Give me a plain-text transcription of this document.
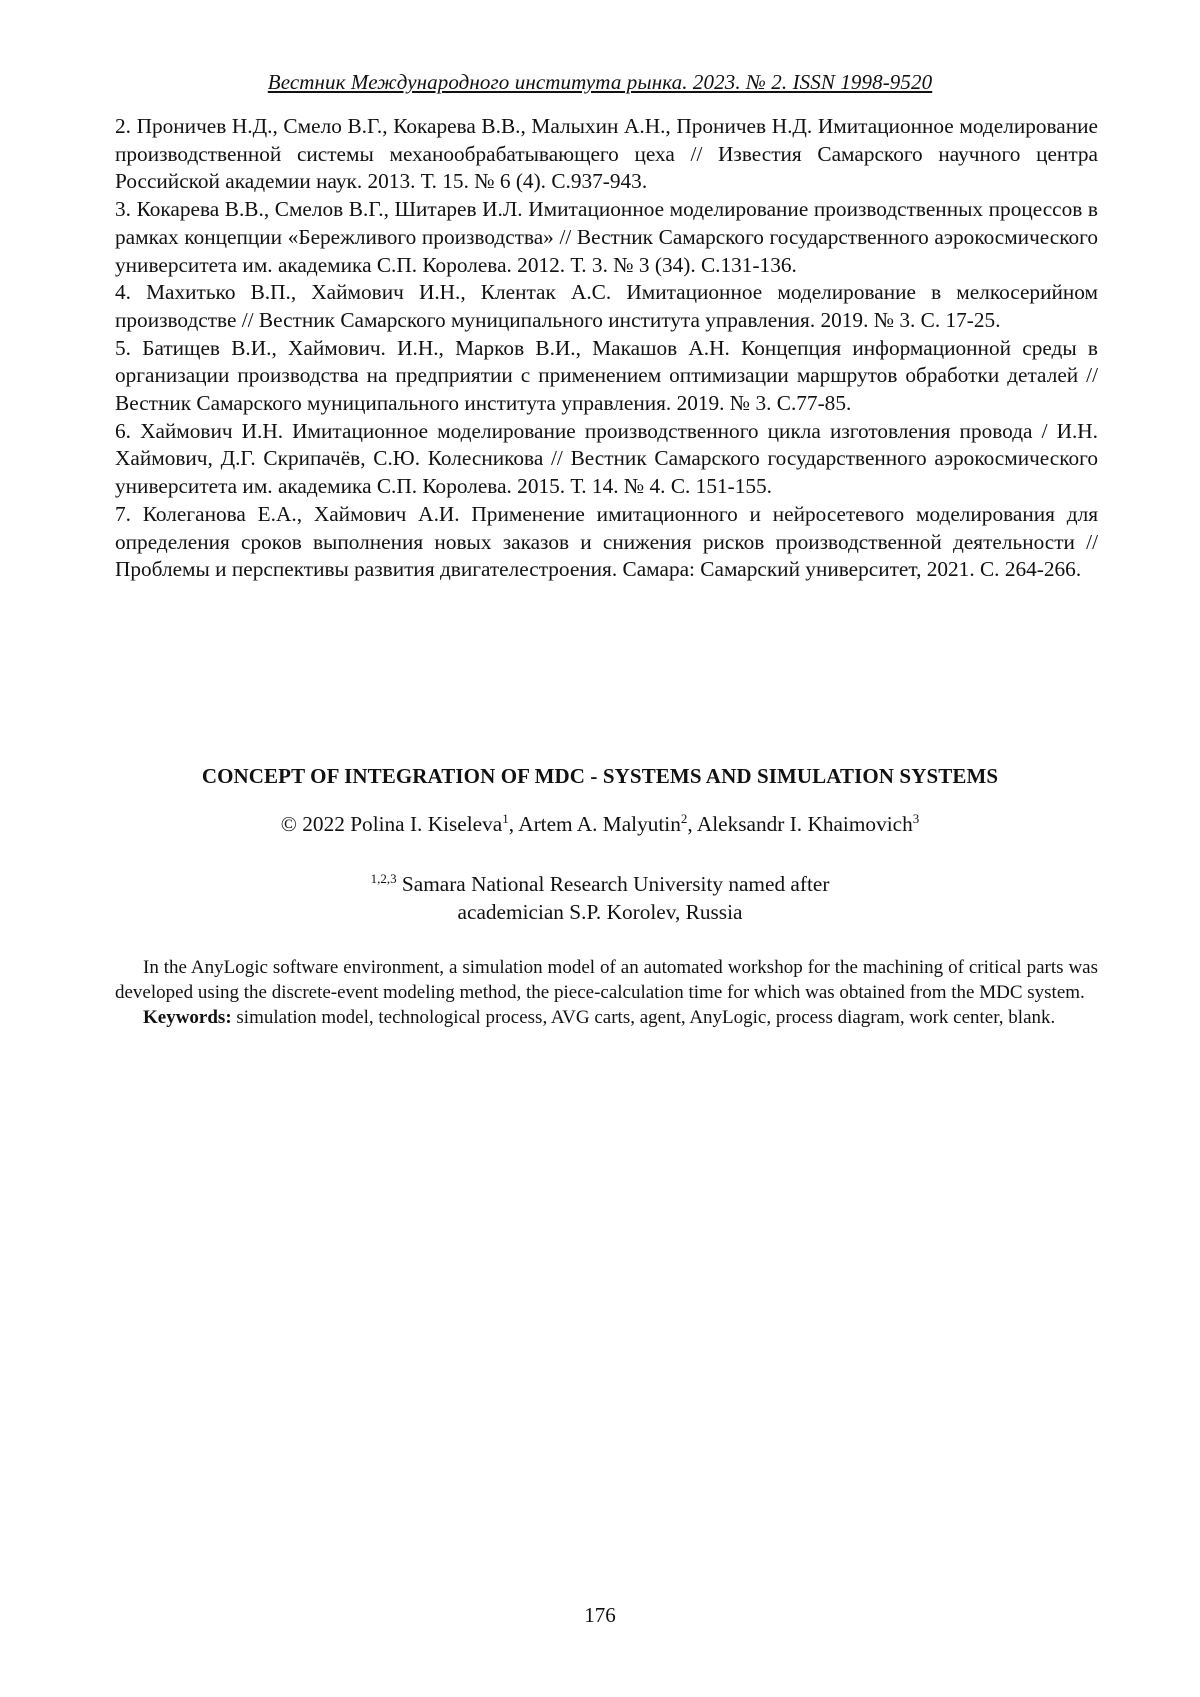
Вестник Международного института рынка. 2023. № 2. ISSN 1998-9520

2. Проничев Н.Д., Смело В.Г., Кокарева В.В., Малыхин А.Н., Проничев Н.Д. Имитационное моделирование производственной системы механообрабатывающего цеха // Известия Самарского научного центра Российской академии наук. 2013. Т. 15. № 6 (4). С.937-943.

3. Кокарева В.В., Смелов В.Г., Шитарев И.Л. Имитационное моделирование производственных процессов в рамках концепции «Бережливого производства» // Вестник Самарского государственного аэрокосмического университета им. академика С.П. Королева. 2012. Т. 3. № 3 (34). С.131-136.

4. Махитько В.П., Хаймович И.Н., Клентак А.С. Имитационное моделирование в мелкосерийном производстве // Вестник Самарского муниципального института управления. 2019. № 3. С. 17-25.

5. Батищев В.И., Хаймович. И.Н., Марков В.И., Макашов А.Н. Концепция информационной среды в организации производства на предприятии с применением оптимизации маршрутов обработки деталей // Вестник Самарского муниципального института управления. 2019. № 3. С.77-85.

6. Хаймович И.Н. Имитационное моделирование производственного цикла изготовления провода / И.Н. Хаймович, Д.Г. Скрипачёв, С.Ю. Колесникова // Вестник Самарского государственного аэрокосмического университета им. академика С.П. Королева. 2015. Т. 14. № 4. С. 151-155.

7. Колеганова Е.А., Хаймович А.И. Применение имитационного и нейросетевого моделирования для определения сроков выполнения новых заказов и снижения рисков производственной деятельности // Проблемы и перспективы развития двигателестроения. Самара: Самарский университет, 2021. С. 264-266.

CONCEPT OF INTEGRATION OF MDC - SYSTEMS AND SIMULATION SYSTEMS
© 2022 Polina I. Kiseleva$^1$, Artem A. Malyutin$^2$, Aleksandr I. Khaimovich$^3$
$^{1,2,3}$ Samara National Research University named after
academician S.P. Korolev, Russia

In the AnyLogic software environment, a simulation model of an automated workshop for the machining of critical parts was developed using the discrete-event modeling method, the piece-calculation time for which was obtained from the MDC system.

Keywords: simulation model, technological process, AVG carts, agent, AnyLogic, process diagram, work center, blank.

176
